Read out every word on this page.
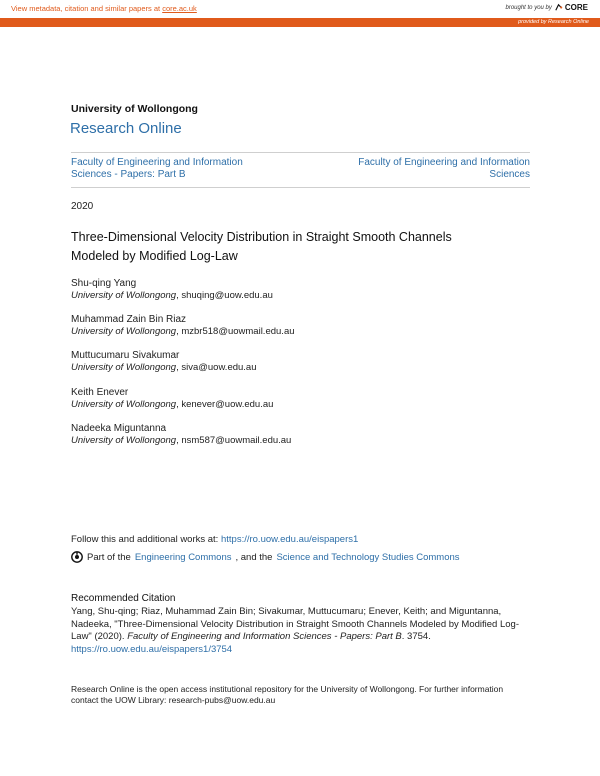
View metadata, citation and similar papers at core.ac.uk	brought to you by CORE
provided by Research Online
University of Wollongong
Research Online
Faculty of Engineering and Information Sciences - Papers: Part B
Faculty of Engineering and Information Sciences
2020
Three-Dimensional Velocity Distribution in Straight Smooth Channels Modeled by Modified Log-Law
Shu-qing Yang
University of Wollongong, shuqing@uow.edu.au
Muhammad Zain Bin Riaz
University of Wollongong, mzbr518@uowmail.edu.au
Muttucumaru Sivakumar
University of Wollongong, siva@uow.edu.au
Keith Enever
University of Wollongong, kenever@uow.edu.au
Nadeeka Miguntanna
University of Wollongong, nsm587@uowmail.edu.au
Follow this and additional works at: https://ro.uow.edu.au/eispapers1
Part of the Engineering Commons , and the Science and Technology Studies Commons
Recommended Citation
Yang, Shu-qing; Riaz, Muhammad Zain Bin; Sivakumar, Muttucumaru; Enever, Keith; and Miguntanna, Nadeeka, "Three-Dimensional Velocity Distribution in Straight Smooth Channels Modeled by Modified Log-Law" (2020). Faculty of Engineering and Information Sciences - Papers: Part B. 3754.
https://ro.uow.edu.au/eispapers1/3754
Research Online is the open access institutional repository for the University of Wollongong. For further information contact the UOW Library: research-pubs@uow.edu.au
